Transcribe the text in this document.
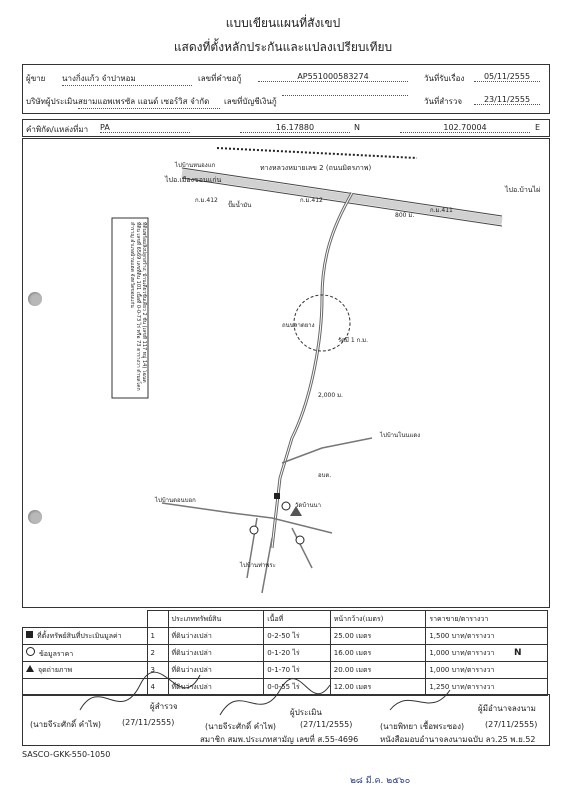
แบบเขียนแผนที่สังเขป
แสดงที่ตั้งหลักประกันและแปลงเปรียบเทียบ
ผู้ขาย นางกิ่งแก้ว จำปาหอม	เลขที่คำขอกู้	AP551000583274	วันที่รับเรื่อง	05/11/2555
บริษัทผู้ประเมิน สยามแอพเพรซัล แอนด์ เซอร์วิส จำกัด	เลขที่บัญชีเงินกู้	วันที่สำรวจ	23/11/2555
คำพิกัด/แหล่งที่มา PA	16.17880	N	102.70004	E
ทางหลวงหมายเลข 2 (ถนนมิตรภาพ)
ไปอ.เมืองขอนแก่น
ไปอ.บ้านไผ่
ก.ม.412	ก.ม.412
ก.ม.411
ปั๊มน้ำมัน
800 ม.
2,000 ม.
ถนนลาดยาง
รัศมี 1 ก.ม.
วัดบ้านนา
อบต.
ไปบ้านโนนแดง
ไปบ้านท่าพระ
ไปบ้านดอนบอก
ไปบ้านหนองแก
ที่ดินพร้อมสิ่งปลูกสร้าง: บ้านเดี่ยวชั้นเดียว 2 ชั้น (เลขที่ 117 หมู่ 14) โฉนดที่ดิน เลขที่ 6569 เลขที่ดิน 101 เนื้อที่ 0-0-73 ไร่ หรือ 73 ตารางวา ตำบลโคกสำราญ อำเภอบ้านแฮด จังหวัดขอนแก่น
		ประเภททรัพย์สิน	เนื้อที่	หน้ากว้าง(เมตร)	ราคาขาย/ตารางวา
ที่ตั้งทรัพย์สินที่ประเมินมูลค่า	1	ที่ดินว่างเปล่า	0-2-50 ไร่	25.00 เมตร	1,500 บาท/ตารางวา
ข้อมูลราคา	2	ที่ดินว่างเปล่า	0-1-20 ไร่	16.00 เมตร	1,000 บาท/ตารางวา
จุดถ่ายภาพ	3	ที่ดินว่างเปล่า	0-1-70 ไร่	20.00 เมตร	1,000 บาท/ตารางวา
	4	ที่ดินว่างเปล่า	0-0-55 ไร่	12.00 เมตร	1,250 บาท/ตารางวา
N
ผู้สำรวจ
(นายจีระศักดิ์ คำไพ)	(27/11/2555)
ผู้ประเมิน
(นายจีระศักดิ์ คำไพ)	(27/11/2555)
สมาชิก สมพ.ประเภทสามัญ เลขที่ ส.55-4696
ผู้มีอำนาจลงนาม
(นายพิทยา เชื้อพระซอง)	(27/11/2555)
หนังสือมอบอำนาจลงนามฉบับ ลว.25 พ.ย.52
SASCO-GKK-550-1050
๒๘ มี.ค. ๒๕๖๐
